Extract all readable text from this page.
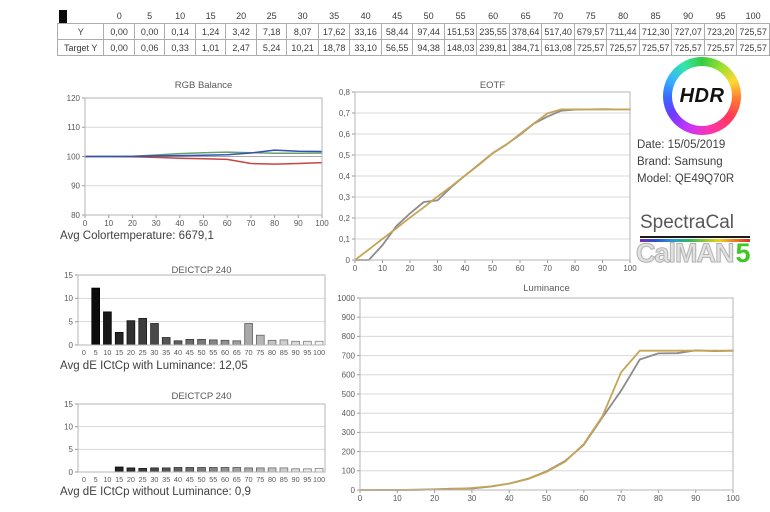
	0	5	10	15	20	25	30	35	40	45	50	55	60	65	70	75	80	85	90	95	100
Y	0,00	0,00	0,14	1,24	3,42	7,18	8,07	17,62	33,16	58,44	97,44	151,53	235,55	378,64	517,40	679,57	711,44	712,30	727,07	723,20	725,57
Target Y	0,00	0,06	0,33	1,01	2,47	5,24	10,21	18,78	33,10	56,55	94,38	148,03	239,81	384,71	613,08	725,57	725,57	725,57	725,57	725,57	725,57
RGB Balance
80
90
100
110
120
0 10 20 30 40 50 60 70 80 90 100
Avg Colortemperature: 6679,1
EOTF
0
0,1
0,2
0,3
0,4
0,5
0,6
0,7
0,8
0	10 20 30 40 50 60 70 80 90 100
DEICTCP 240
0
5
10
15
0 5 10 15 20 25 30 35 40 45 50 55 60 65 70 75 80 85 90 95 100
Avg dE ICtCp with Luminance: 12,05
DEICTCP 240
0
5
10
15
0 5 10 15 20 25 30 35 40 45 50 55 60 65 70 75 80 85 90 95 100
Avg dE ICtCp without Luminance: 0,9
Luminance
0
100
200
300
400
500
600
700
800
900
1000
0	10	20	30	40	50	60	70	80	90	100
HDR
Date: 15/05/2019
Brand: Samsung
Model: QE49Q70R
SpectraCal
CalMAN5
